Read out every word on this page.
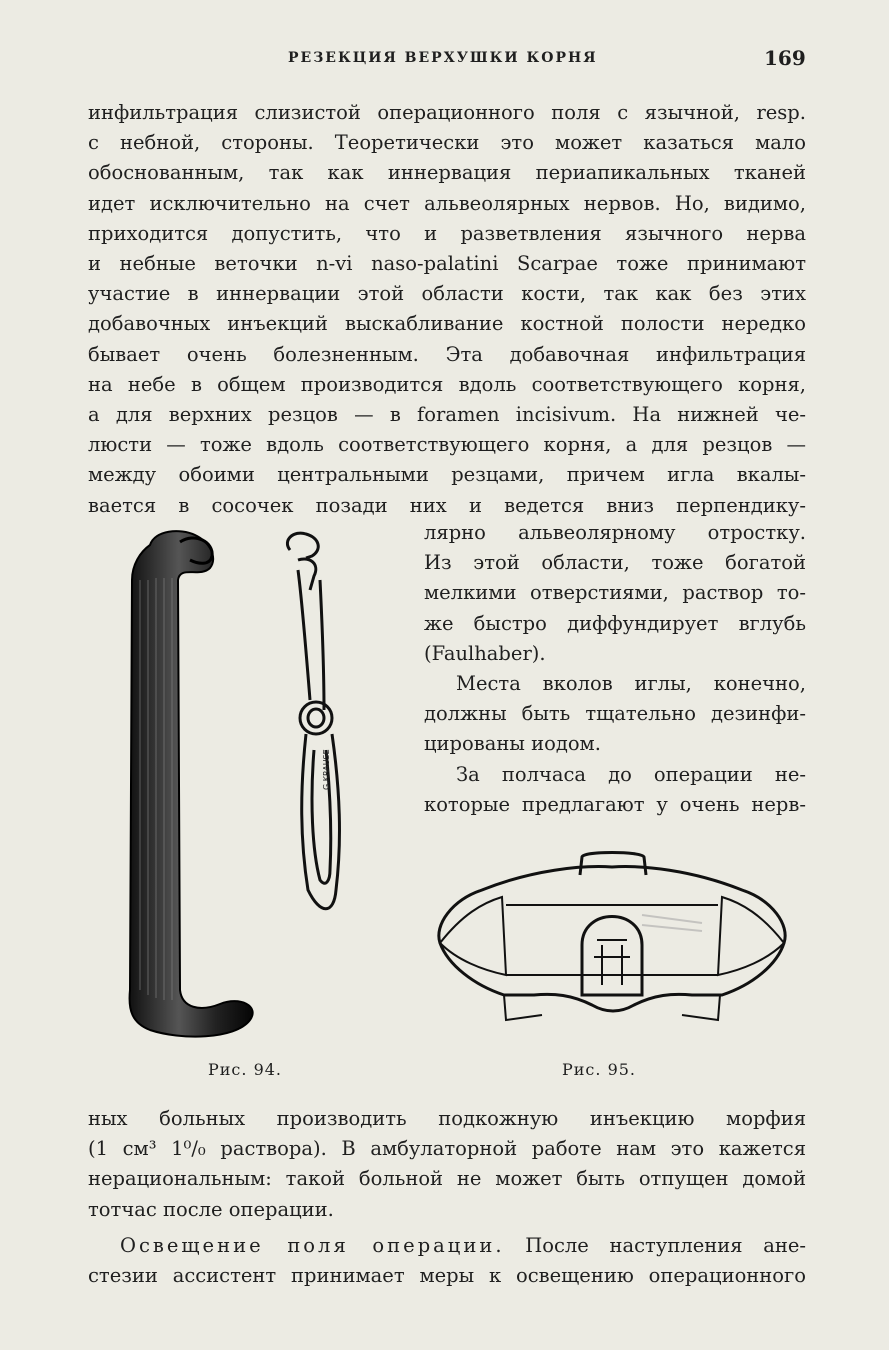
РЕЗЕКЦИЯ ВЕРХУШКИ КОРНЯ	169
инфильтрация слизистой операционного поля с язычной, resp.
с небной, стороны. Теоретически это может казаться мало
обоснованным, так как иннервация периапикальных тканей
идет исключительно на счет альвеолярных нервов. Но, видимо,
приходится допустить, что и разветвления язычного нерва
и небные веточки n-vi naso-palatini Scarpae тоже принимают
участие в иннервации этой области кости, так как без этих
добавочных инъекций выскабливание костной полости нередко
бывает очень болезненным. Эта добавочная инфильтрация
на небе в общем производится вдоль соответствующего корня,
а для верхних резцов — в foramen incisivum. На нижней че-
люсти — тоже вдоль соответствующего корня, а для резцов —
между обоими центральными резцами, причем игла вкалы-
вается в сосочек позади них и ведется вниз перпендику-
лярно альвеолярному отростку.
Из этой области, тоже богатой
мелкими отверстиями, раствор то-
же быстро диффундирует вглубь
(Faulhaber).
Места вколов иглы, конечно,
должны быть тщательно дезинфи-
цированы иодом.
За полчаса до операции не-
которые предлагают у очень нерв-
G.KRAUSE
Рис. 94.	Рис. 95.
ных больных производить подкожную инъекцию морфия
(1 см³ 1⁰/₀ раствора). В амбулаторной работе нам это кажется
нерациональным: такой больной не может быть отпущен домой
тотчас после операции.
Освещение поля операции. После наступления ане-
стезии ассистент принимает меры к освещению операционного
